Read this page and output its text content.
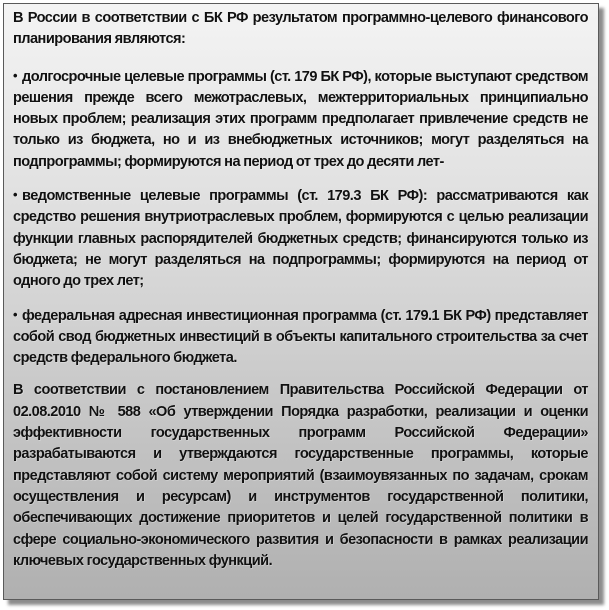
В России в соответствии с БК РФ результатом программно-целевого финансового планирования являются:

• долгосрочные целевые программы (ст. 179 БК РФ), которые выступают средством решения прежде всего межотраслевых, межтерриториальных принципиально новых проблем; реализация этих программ предполагает привлечение средств не только из бюджета, но и из внебюджетных источников; могут разделяться на подпрограммы; формируются на период от трех до десяти лет-

• ведомственные целевые программы (ст. 179.3 БК РФ): рассматриваются как средство решения внутриотраслевых проблем, формируются с целью реализации функции главных распорядителей бюджетных средств; финансируются только из бюджета; не могут разделяться на подпрограммы; формируются на период от одного до трех лет;

• федеральная адресная инвестиционная программа (ст. 179.1 БК РФ) представляет собой свод бюджетных инвестиций в объекты капитального строительства за счет средств федерального бюджета.

В соответствии с постановлением Правительства Российской Федерации от 02.08.2010 № 588 «Об утверждении Порядка разработки, реализации и оценки эффективности государственных программ Российской Федерации» разрабатываются и утверждаются государственные программы, которые представляют собой систему мероприятий (взаимоувязанных по задачам, срокам осуществления и ресурсам) и инструментов государственной политики, обеспечивающих достижение приоритетов и целей государственной политики в сфере социально-экономического развития и безопасности в рамках реализации ключевых государственных функций.
